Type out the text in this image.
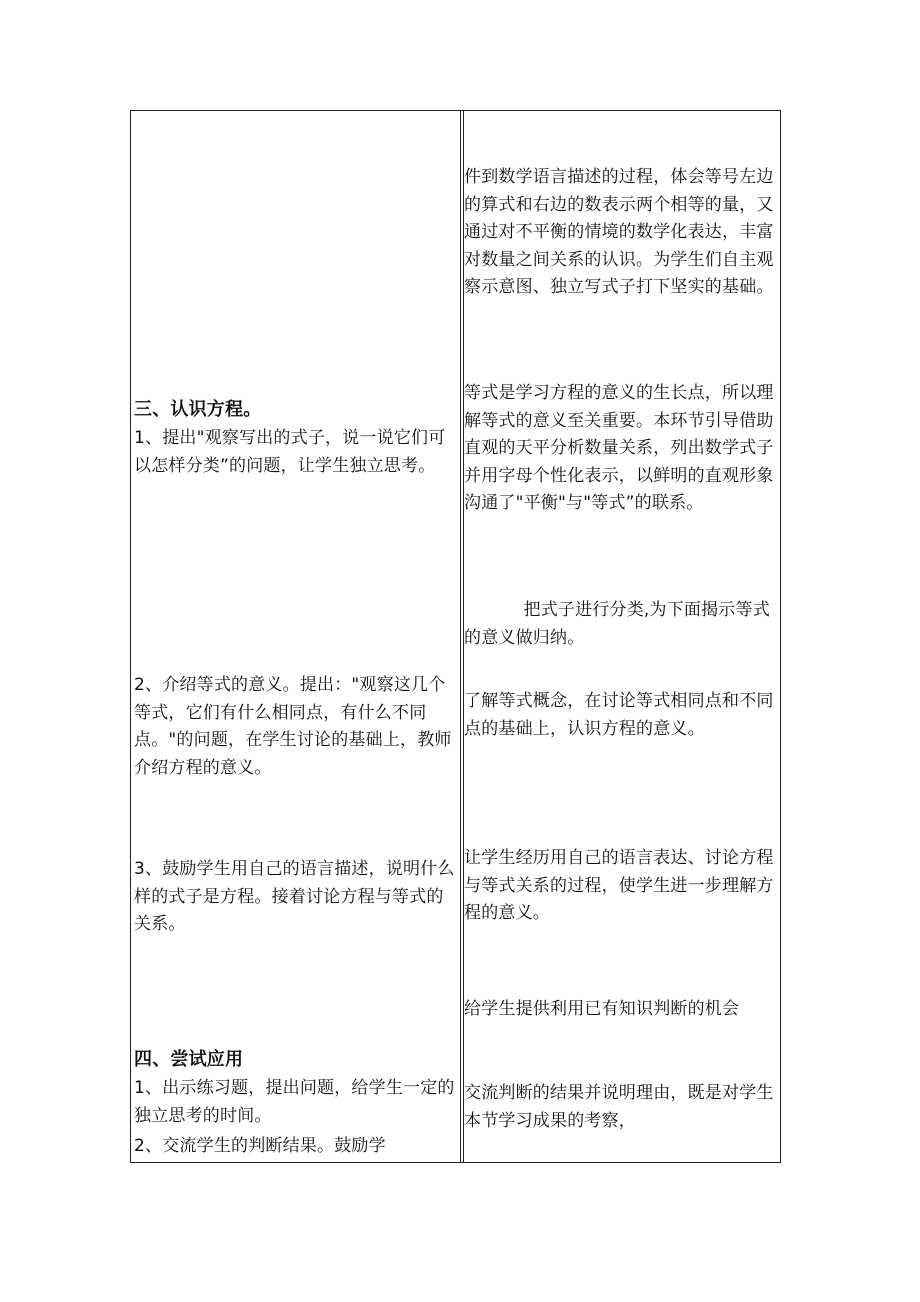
三、认识方程。
1、提出"观察写出的式子，说一说它们可以怎样分类”的问题，让学生独立思考。
2、介绍等式的意义。提出："观察这几个等式，它们有什么相同点，有什么不同点。"的问题，在学生讨论的基础上，教师介绍方程的意义。
3、鼓励学生用自己的语言描述，说明什么样的式子是方程。接着讨论方程与等式的关系。
四、尝试应用
1、出示练习题，提出问题，给学生一定的独立思考的时间。
2、交流学生的判断结果。鼓励学
件到数学语言描述的过程，体会等号左边的算式和右边的数表示两个相等的量，又通过对不平衡的情境的数学化表达，丰富对数量之间关系的认识。为学生们自主观察示意图、独立写式子打下坚实的基础。
等式是学习方程的意义的生长点，所以理解等式的意义至关重要。本环节引导借助直观的天平分析数量关系，列出数学式子并用字母个性化表示，以鲜明的直观形象沟通了"平衡"与"等式”的联系。
把式子进行分类,为下面揭示等式的意义做归纳。
了解等式概念，在讨论等式相同点和不同点的基础上，认识方程的意义。
让学生经历用自己的语言表达、讨论方程与等式关系的过程，使学生进一步理解方程的意义。
给学生提供利用已有知识判断的机会
交流判断的结果并说明理由，既是对学生本节学习成果的考察，
